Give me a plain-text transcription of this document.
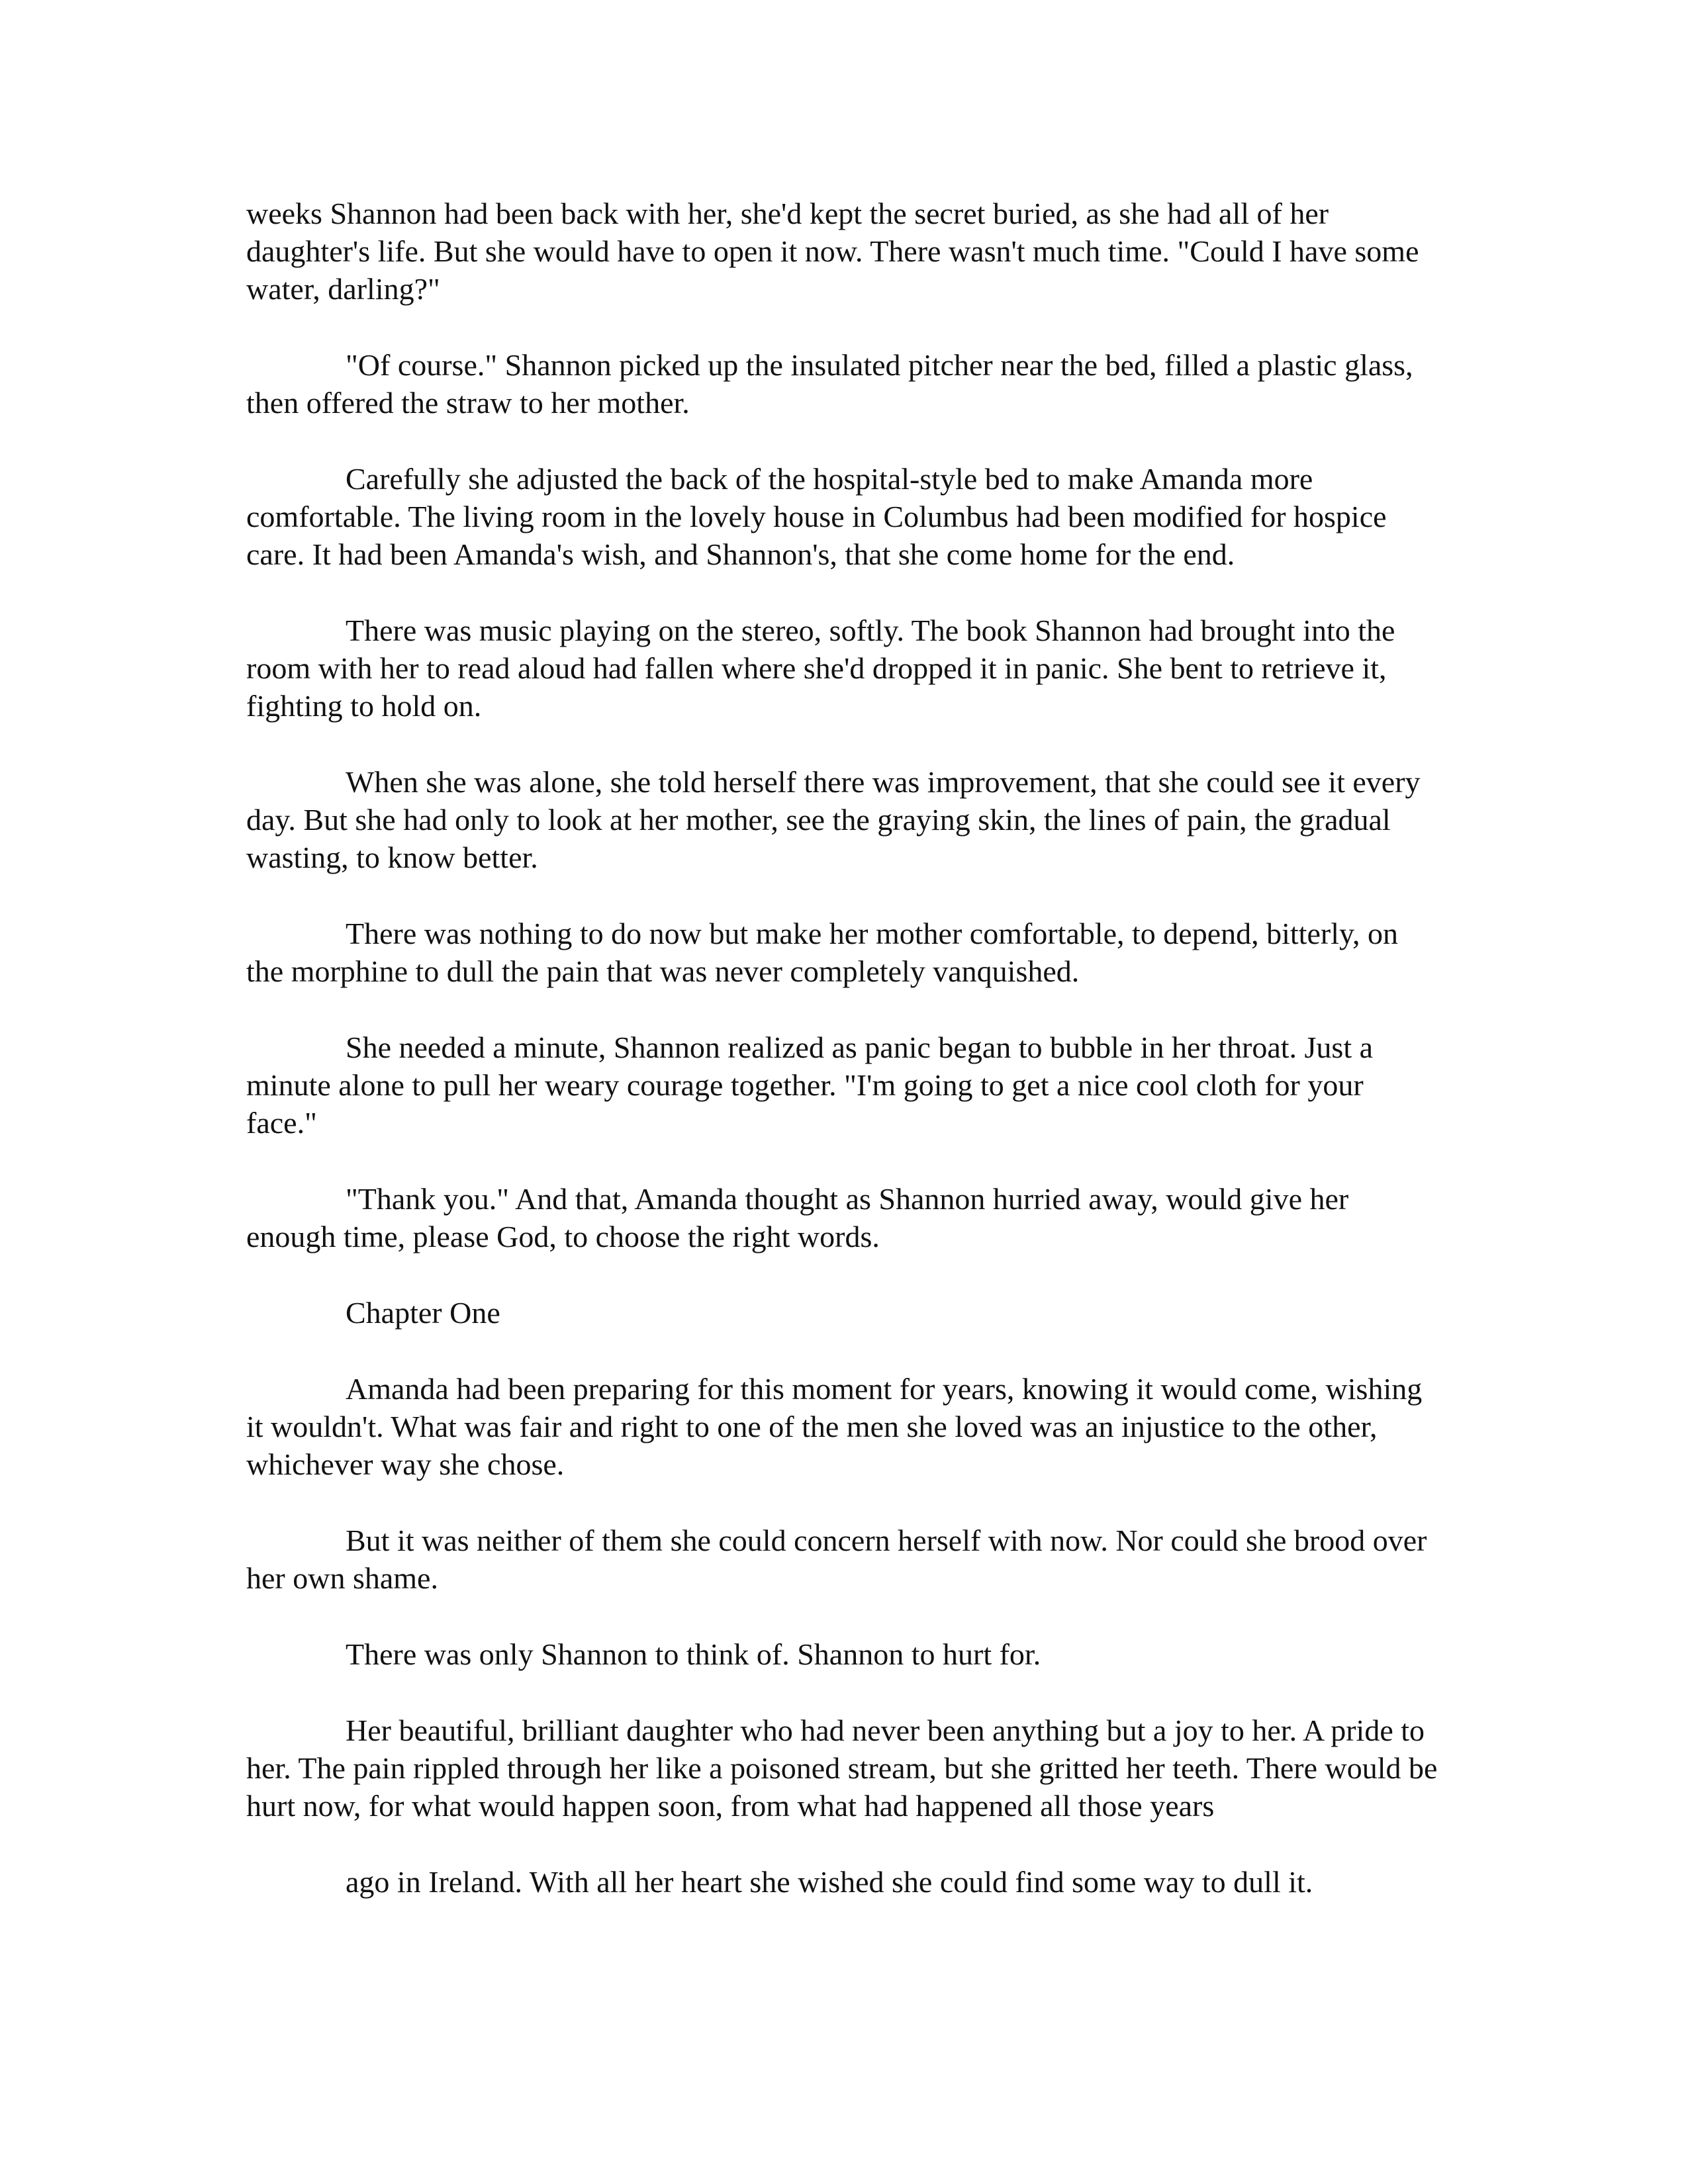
weeks Shannon had been back with her, she'd kept the secret buried, as she had all of her daughter's life. But she would have to open it now. There wasn't much time. "Could I have some water, darling?"

"Of course." Shannon picked up the insulated pitcher near the bed, filled a plastic glass, then offered the straw to her mother.

Carefully she adjusted the back of the hospital-style bed to make Amanda more comfortable. The living room in the lovely house in Columbus had been modified for hospice care. It had been Amanda's wish, and Shannon's, that she come home for the end.

There was music playing on the stereo, softly. The book Shannon had brought into the room with her to read aloud had fallen where she'd dropped it in panic. She bent to retrieve it, fighting to hold on.

When she was alone, she told herself there was improvement, that she could see it every day. But she had only to look at her mother, see the graying skin, the lines of pain, the gradual wasting, to know better.

There was nothing to do now but make her mother comfortable, to depend, bitterly, on the morphine to dull the pain that was never completely vanquished.

She needed a minute, Shannon realized as panic began to bubble in her throat. Just a minute alone to pull her weary courage together. "I'm going to get a nice cool cloth for your face."

"Thank you." And that, Amanda thought as Shannon hurried away, would give her enough time, please God, to choose the right words.

Chapter One

Amanda had been preparing for this moment for years, knowing it would come, wishing it wouldn't. What was fair and right to one of the men she loved was an injustice to the other, whichever way she chose.

But it was neither of them she could concern herself with now. Nor could she brood over her own shame.

There was only Shannon to think of. Shannon to hurt for.

Her beautiful, brilliant daughter who had never been anything but a joy to her. A pride to her. The pain rippled through her like a poisoned stream, but she gritted her teeth. There would be hurt now, for what would happen soon, from what had happened all those years

ago in Ireland. With all her heart she wished she could find some way to dull it.
